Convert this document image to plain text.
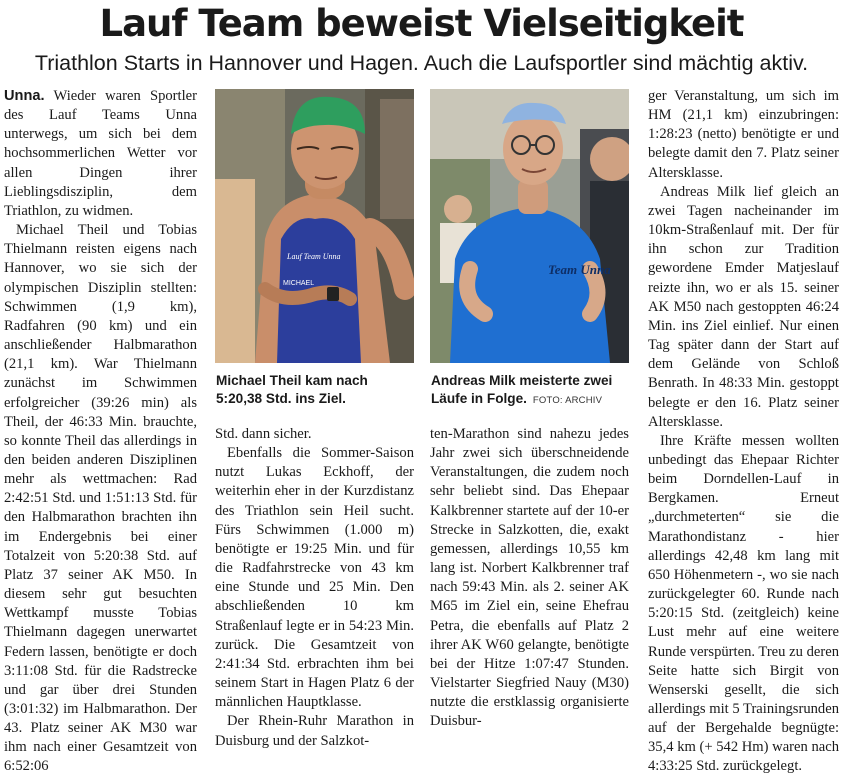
Lauf Team beweist Vielseitigkeit
Triathlon Starts in Hannover und Hagen. Auch die Laufsportler sind mächtig aktiv.

Unna. Wieder waren Sportler des Lauf Teams Unna unterwegs, um sich bei dem hochsommerlichen Wetter vor allen Dingen ihrer Lieblingsdisziplin, dem Triathlon, zu widmen.

Michael Theil und Tobias Thielmann reisten eigens nach Hannover, wo sie sich der olympischen Disziplin stellten: Schwimmen (1,9 km), Radfahren (90 km) und ein anschließender Halbmarathon (21,1 km). War Thielmann zunächst im Schwimmen erfolgreicher (39:26 min) als Theil, der 46:33 Min. brauchte, so konnte Theil das allerdings in den beiden anderen Disziplinen mehr als wettmachen: Rad 2:42:51 Std. und 1:51:13 Std. für den Halbmarathon brachten ihn im Endergebnis bei einer Totalzeit von 5:20:38 Std. auf Platz 37 seiner AK M50. In diesem sehr gut besuchten Wettkampf musste Tobias Thielmann dagegen unerwartet Federn lassen, benötigte er doch 3:11:08 Std. für die Radstrecke und gar über drei Stunden (3:01:32) im Halbmarathon. Der 43. Platz seiner AK M30 war ihm nach einer Gesamtzeit von 6:52:06

Lauf Team Unna
MICHAEL
Team Unna
Michael Theil kam nach 5:20,38 Std. ins Ziel.
Andreas Milk meisterte zwei Läufe in Folge. FOTO: ARCHIV

Std. dann sicher.

Ebenfalls die Sommer-Saison nutzt Lukas Eckhoff, der weiterhin eher in der Kurzdistanz des Triathlon sein Heil sucht. Fürs Schwimmen (1.000 m) benötigte er 19:25 Min. und für die Radfahrstrecke von 43 km eine Stunde und 25 Min. Den abschließenden 10 km Straßenlauf legte er in 54:23 Min. zurück. Die Gesamtzeit von 2:41:34 Std. erbrachten ihm bei seinem Start in Hagen Platz 6 der männlichen Hauptklasse.

Der Rhein-Ruhr Marathon in Duisburg und der Salzkot-

ten-Marathon sind nahezu jedes Jahr zwei sich überschneidende Veranstaltungen, die zudem noch sehr beliebt sind. Das Ehepaar Kalkbrenner startete auf der 10-er Strecke in Salzkotten, die, exakt gemessen, allerdings 10,55 km lang ist. Norbert Kalkbrenner traf nach 59:43 Min. als 2. seiner AK M65 im Ziel ein, seine Ehefrau Petra, die ebenfalls auf Platz 2 ihrer AK W60 gelangte, benötigte bei der Hitze 1:07:47 Stunden. Vielstarter Siegfried Nauy (M30) nutzte die erstklassig organisierte Duisbur-

ger Veranstaltung, um sich im HM (21,1 km) einzubringen: 1:28:23 (netto) benötigte er und belegte damit den 7. Platz seiner Altersklasse.

Andreas Milk lief gleich an zwei Tagen nacheinander im 10km-Straßenlauf mit. Der für ihn schon zur Tradition gewordene Emder Matjeslauf reizte ihn, wo er als 15. seiner AK M50 nach gestoppten 46:24 Min. ins Ziel einlief. Nur einen Tag später dann der Start auf dem Gelände von Schloß Benrath. In 48:33 Min. gestoppt belegte er den 16. Platz seiner Altersklasse.

Ihre Kräfte messen wollten unbedingt das Ehepaar Richter beim Dorndellen-Lauf in Bergkamen. Erneut „durchmeterten“ sie die Marathondistanz - hier allerdings 42,48 km lang mit 650 Höhenmetern -, wo sie nach zurückgelegter 60. Runde nach 5:20:15 Std. (zeitgleich) keine Lust mehr auf eine weitere Runde verspürten. Treu zu deren Seite hatte sich Birgit von Wenserski gesellt, die sich allerdings mit 5 Trainingsrunden auf der Bergehalde begnügte: 35,4 km (+ 542 Hm) waren nach 4:33:25 Std. zurückgelegt.
